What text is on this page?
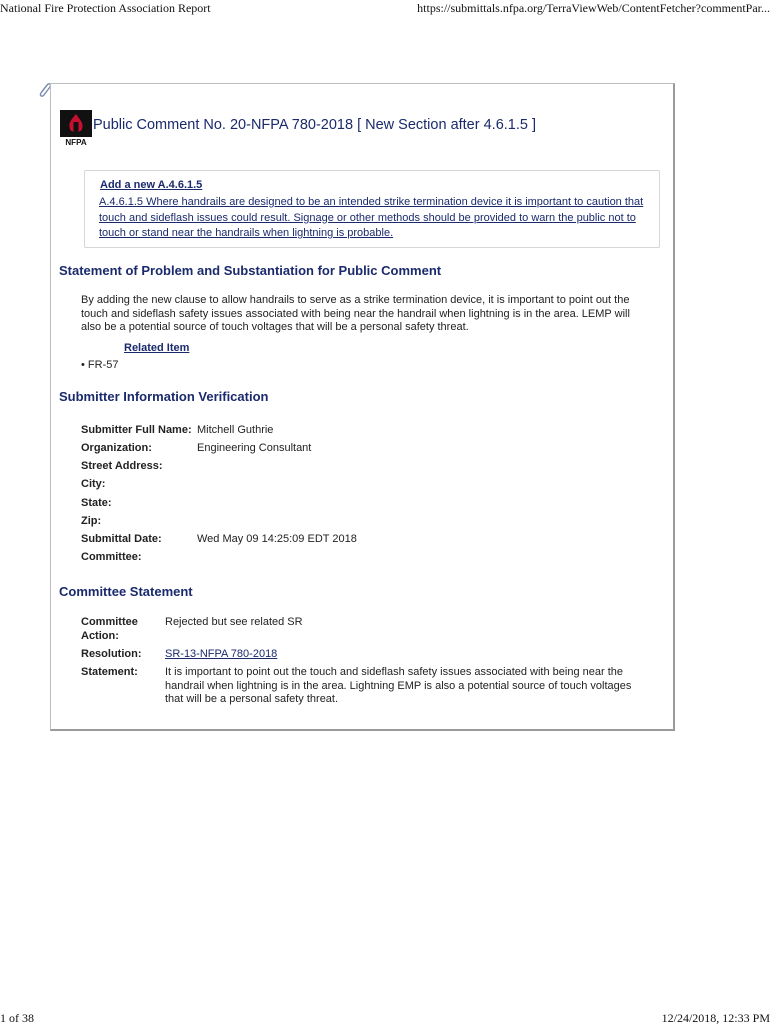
National Fire Protection Association Report	https://submittals.nfpa.org/TerraViewWeb/ContentFetcher?commentPar...
NFPA
Public Comment No. 20-NFPA 780-2018 [ New Section after 4.6.1.5 ]
Add a new A.4.6.1.5
A.4.6.1.5 Where handrails are designed to be an intended strike termination device it is important to caution that touch and sideflash issues could result. Signage or other methods should be provided to warn the public not to touch or stand near the handrails when lightning is probable.
Statement of Problem and Substantiation for Public Comment
By adding the new clause to allow handrails to serve as a strike termination device, it is important to point out the touch and sideflash safety issues associated with being near the handrail when lightning is in the area. LEMP will also be a potential source of touch voltages that will be a personal safety threat.
Related Item
• FR-57
Submitter Information Verification
Submitter Full Name: Mitchell Guthrie
Organization:	Engineering Consultant
Street Address:
City:
State:
Zip:
Submittal Date:	Wed May 09 14:25:09 EDT 2018
Committee:
Committee Statement
Committee Action:
Rejected but see related SR
Resolution:	SR-13-NFPA 780-2018
Statement:	It is important to point out the touch and sideflash safety issues associated with being near the handrail when lightning is in the area. Lightning EMP is also a potential source of touch voltages that will be a personal safety threat.
1 of 38	12/24/2018, 12:33 PM
